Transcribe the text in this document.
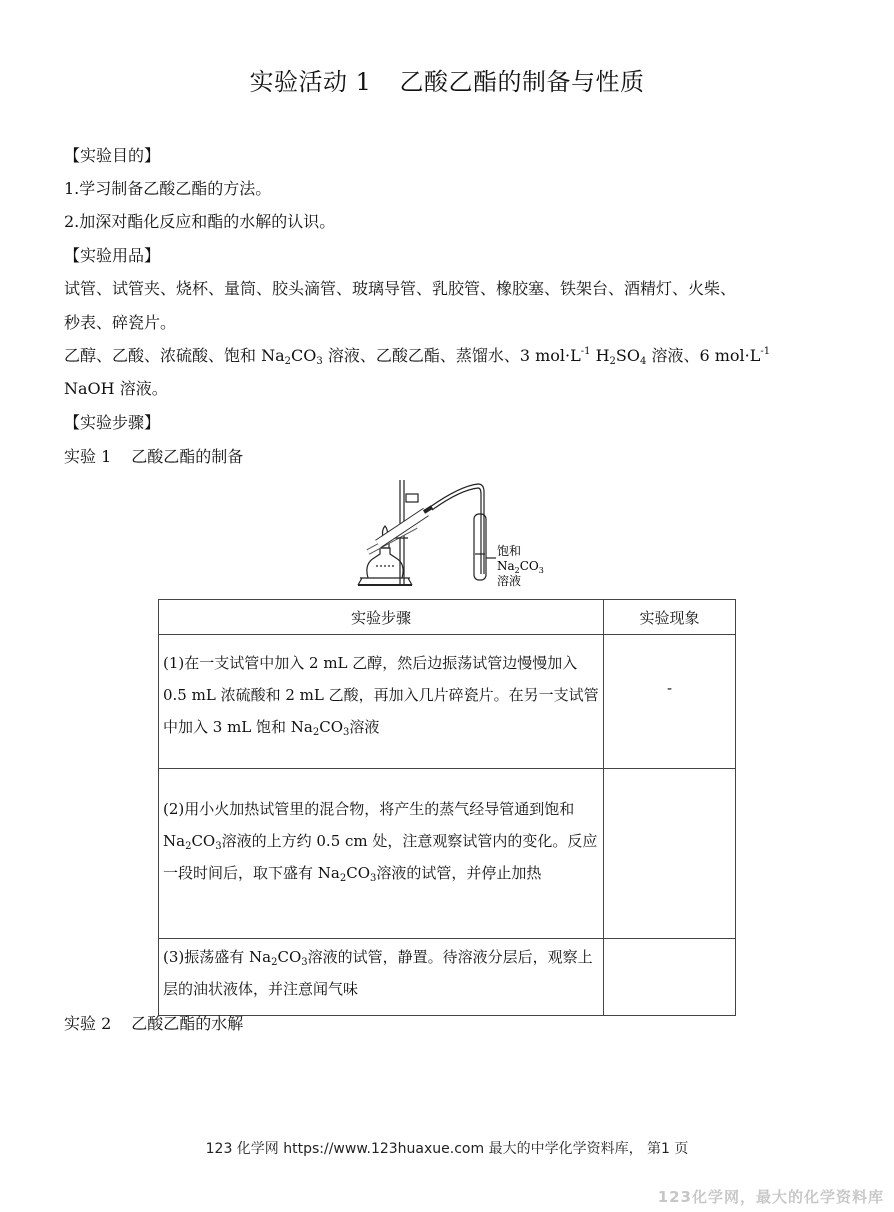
实验活动 1 乙酸乙酯的制备与性质
【实验目的】
1.学习制备乙酸乙酯的方法。
2.加深对酯化反应和酯的水解的认识。
【实验用品】
试管、试管夹、烧杯、量筒、胶头滴管、玻璃导管、乳胶管、橡胶塞、铁架台、酒精灯、火柴、
秒表、碎瓷片。
乙醇、乙酸、浓硫酸、饱和 $Na_2CO_3$ 溶液、乙酸乙酯、蒸馏水、3 $mol\cdot L^{-1}$ $H_2SO_4$ 溶液、6 $mol\cdot L^{-1}$
NaOH 溶液。
【实验步骤】
实验 1 乙酸乙酯的制备
饱和
$Na_2CO_3$
溶液
实验步骤	实验现象

(1)在一支试管中加入 2 mL 乙醇，然后边振荡试管边慢慢加入
0.5 mL 浓硫酸和 2 mL 乙酸，再加入几片碎瓷片。在另一支试管
中加入 3 mL 饱和 $Na_2CO_3$溶液	-

(2)用小火加热试管里的混合物，将产生的蒸气经导管通到饱和
$Na_2CO_3$溶液的上方约 0.5 cm 处，注意观察试管内的变化。反应
一段时间后，取下盛有 $Na_2CO_3$溶液的试管，并停止加热	

(3)振荡盛有 $Na_2CO_3$溶液的试管，静置。待溶液分层后，观察上
层的油状液体，并注意闻气味	

实验 2 乙酸乙酯的水解
123 化学网 https://www.123huaxue.com 最大的中学化学资料库， 第1 页
123化学网，最大的化学资料库
